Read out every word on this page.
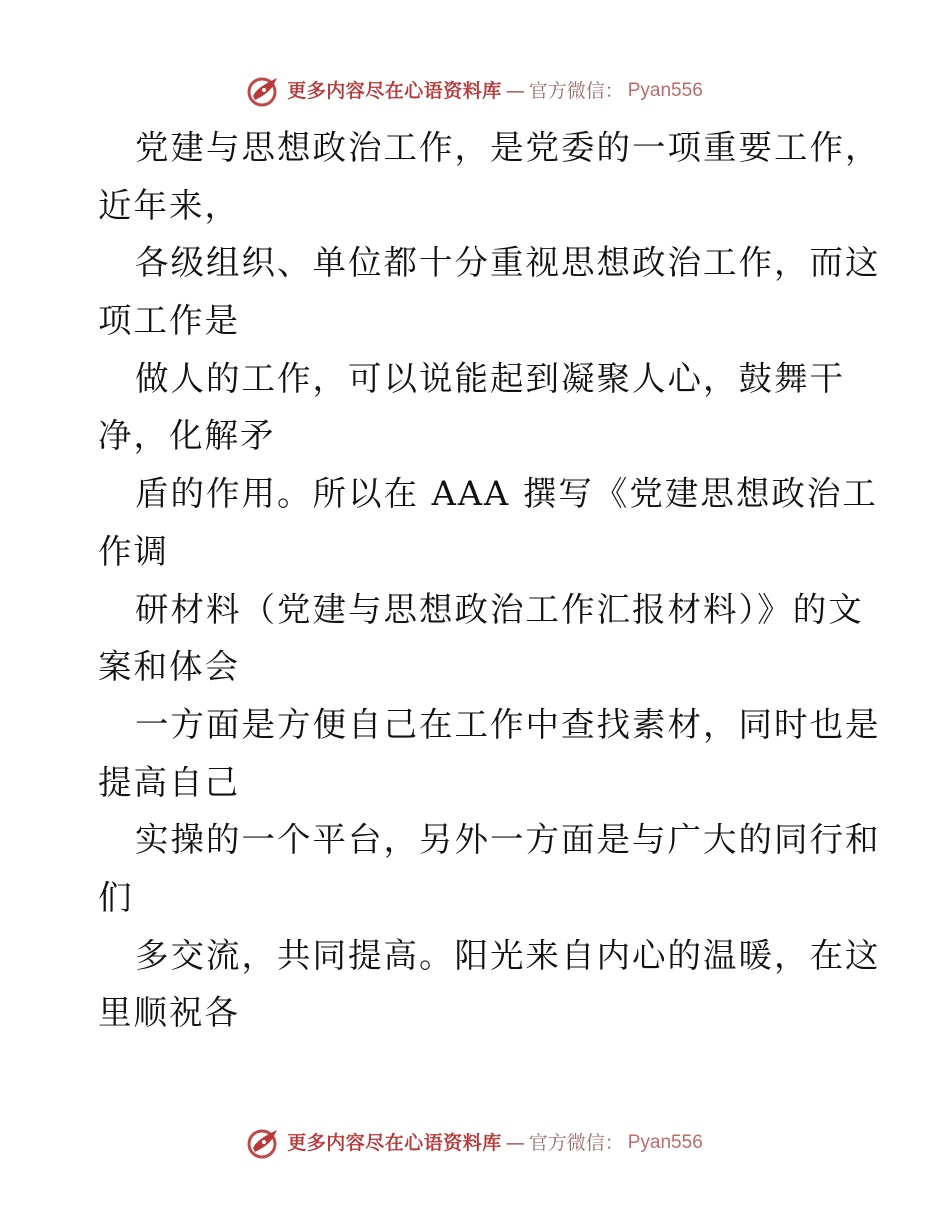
更多内容尽在心语资料库 — 官方微信： Pyan556
党建与思想政治工作，是党委的一项重要工作，
近年来，
各级组织、单位都十分重视思想政治工作，而这
项工作是
做人的工作，可以说能起到凝聚人心，鼓舞干
净，化解矛
盾的作用。所以在 AAA 撰写《党建思想政治工
作调
研材料（党建与思想政治工作汇报材料）》的文
案和体会
一方面是方便自己在工作中查找素材，同时也是
提高自己
实操的一个平台，另外一方面是与广大的同行和
们
多交流，共同提高。阳光来自内心的温暖，在这
里顺祝各
更多内容尽在心语资料库 — 官方微信： Pyan556
